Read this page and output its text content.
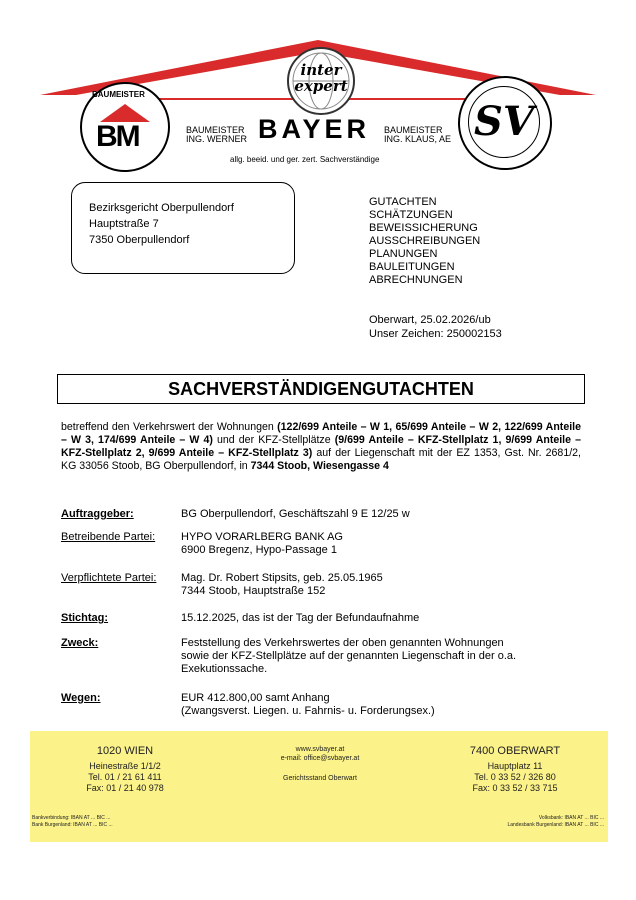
inter
expert
BAUMEISTER
BM	SV
BAUMEISTER
ING. WERNER BAYER BAUMEISTER
ING. KLAUS, AE
allg. beeid. und ger. zert. Sachverständige
Bezirksgericht Oberpullendorf
Hauptstraße 7
7350 Oberpullendorf
GUTACHTEN
SCHÄTZUNGEN
BEWEISSICHERUNG
AUSSCHREIBUNGEN
PLANUNGEN
BAULEITUNGEN
ABRECHNUNGEN
Oberwart, 25.02.2026/ub
Unser Zeichen: 250002153
SACHVERSTÄNDIGENGUTACHTEN
betreffend den Verkehrswert der Wohnungen (122/699 Anteile – W 1, 65/699 Anteile – W 2, 122/699 Anteile – W 3, 174/699 Anteile – W 4) und der KFZ-Stellplätze (9/699 Anteile – KFZ-Stellplatz 1, 9/699 Anteile – KFZ-Stellplatz 2, 9/699 Anteile – KFZ-Stellplatz 3) auf der Liegenschaft mit der EZ 1353, Gst. Nr. 2681/2, KG 33056 Stoob, BG Oberpullendorf, in 7344 Stoob, Wiesengasse 4
Auftraggeber:	BG Oberpullendorf, Geschäftszahl 9 E 12/25 w
Betreibende Partei: HYPO VORARLBERG BANK AG
6900 Bregenz, Hypo-Passage 1
Verpflichtete Partei: Mag. Dr. Robert Stipsits, geb. 25.05.1965
7344 Stoob, Hauptstraße 152
Stichtag:	15.12.2025, das ist der Tag der Befundaufnahme
Zweck:	Feststellung des Verkehrswertes der oben genannten Wohnungen
sowie der KFZ-Stellplätze auf der genannten Liegenschaft in der o.a.
Exekutionssache.
Wegen:	EUR 412.800,00 samt Anhang
(Zwangsverst. Liegen. u. Fahrnis- u. Forderungsex.)
1020 WIEN
Heinestraße 1/1/2
Tel. 01 / 21 61 411
Fax: 01 / 21 40 978
www.svbayer.at
e-mail: office@svbayer.at
Gerichtsstand Oberwart
7400 OBERWART
Hauptplatz 11
Tel. 0 33 52 / 326 80
Fax: 0 33 52 / 33 715
Bankverbindung: IBAN AT ... BIC ...
Bank Burgenland: IBAN AT ... BIC ...
Volksbank: IBAN AT ... BIC ...
Landesbank Burgenland: IBAN AT ... BIC ...
